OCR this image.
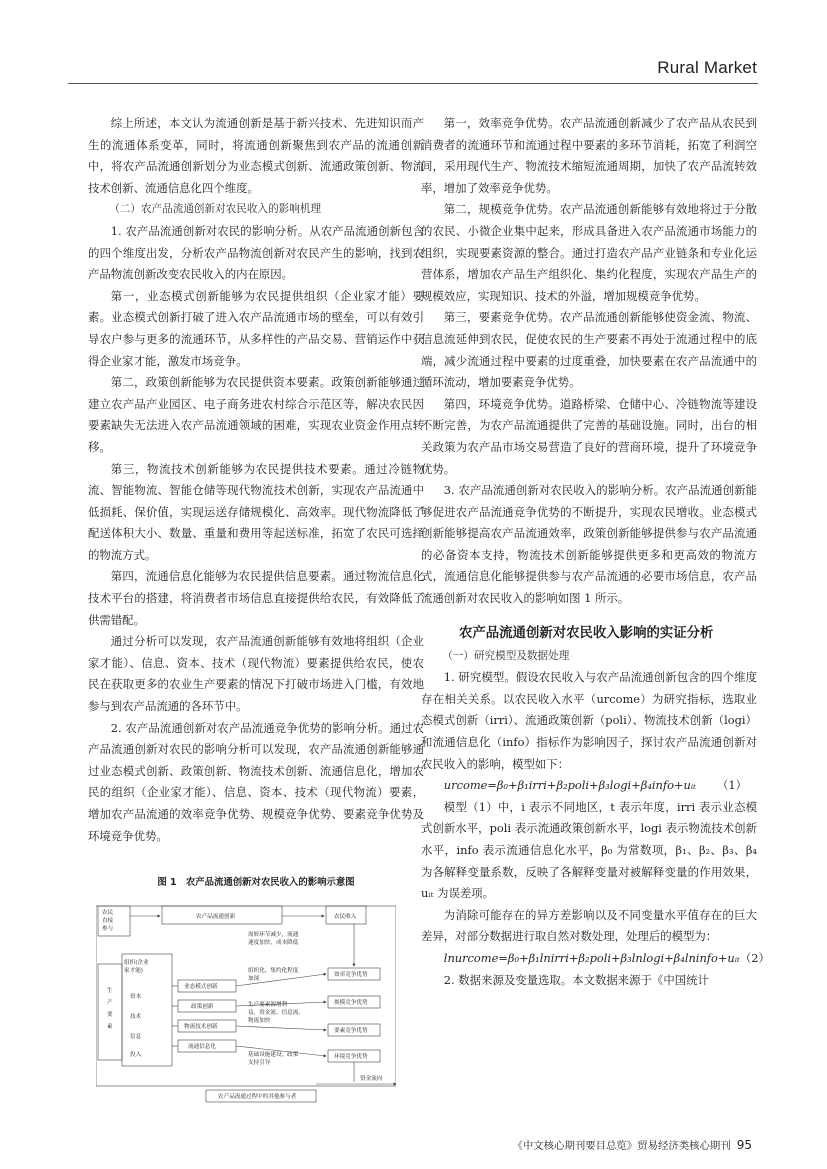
Rural Market

综上所述，本文认为流通创新是基于新兴技术、先进知识而产生的流通体系变革，同时，将流通创新聚焦到农产品的流通创新中，将农产品流通创新划分为业态模式创新、流通政策创新、物流技术创新、流通信息化四个维度。

（二）农产品流通创新对农民收入的影响机理

1. 农产品流通创新对农民的影响分析。从农产品流通创新包含的四个维度出发，分析农产品物流创新对农民产生的影响，找到农产品物流创新改变农民收入的内在原因。

第一，业态模式创新能够为农民提供组织（企业家才能）要素。业态模式创新打破了进入农产品流通市场的壁垒，可以有效引导农户参与更多的流通环节，从多样性的产品交易、营销运作中获得企业家才能，激发市场竞争。

第二，政策创新能够为农民提供资本要素。政策创新能够通过建立农产品产业园区、电子商务进农村综合示范区等，解决农民因要素缺失无法进入农产品流通领域的困难，实现农业资金作用点转移。

第三，物流技术创新能够为农民提供技术要素。通过冷链物流、智能物流、智能仓储等现代物流技术创新，实现农产品流通中低损耗、保价值，实现运送存储规模化、高效率。现代物流降低了配送体积大小、数量、重量和费用等起送标准，拓宽了农民可选择的物流方式。

第四，流通信息化能够为农民提供信息要素。通过物流信息化技术平台的搭建，将消费者市场信息直接提供给农民，有效降低了供需错配。

通过分析可以发现，农产品流通创新能够有效地将组织（企业家才能）、信息、资本、技术（现代物流）要素提供给农民，使农民在获取更多的农业生产要素的情况下打破市场进入门槛，有效地参与到农产品流通的各环节中。

2. 农产品流通创新对农产品流通竞争优势的影响分析。通过农产品流通创新对农民的影响分析可以发现，农产品流通创新能够通过业态模式创新、政策创新、物流技术创新、流通信息化，增加农民的组织（企业家才能）、信息、资本、技术（现代物流）要素，增加农产品流通的效率竞争优势、规模竞争优势、要素竞争优势及环境竞争优势。

图 1　农产品流通创新对农民收入的影响示意图
农民
直接
参与
农产品流通创新	农民收入
组织(企业
家才能)
资本
技术
信息
投入
生
产
要
素
业态模式创新
政策创新
物流技术创新
流通信息化
周转环节减少，流通
速度加快，成本降低
组织化、集约化程度
加深
生产要素源增利
益，资金流、信息流、
物流加快
基础设施建设，政策
支持引导
效率竞争优势
规模竞争优势
要素竞争优势
环境竞争优势
资金流向
农产品流通过程中的其他参与者

第一，效率竞争优势。农产品流通创新减少了农产品从农民到消费者的流通环节和流通过程中要素的多环节消耗，拓宽了利润空间，采用现代生产、物流技术缩短流通周期，加快了农产品流转效率，增加了效率竞争优势。

第二，规模竞争优势。农产品流通创新能够有效地将过于分散的农民、小微企业集中起来，形成具备进入农产品流通市场能力的组织，实现要素资源的整合。通过打造农产品产业链条和专业化运营体系，增加农产品生产组织化、集约化程度，实现农产品生产的规模效应，实现知识、技术的外溢，增加规模竞争优势。

第三，要素竞争优势。农产品流通创新能够使资金流、物流、信息流延伸到农民，促使农民的生产要素不再处于流通过程中的底端，减少流通过程中要素的过度重叠，加快要素在农产品流通中的循环流动，增加要素竞争优势。

第四，环境竞争优势。道路桥梁、仓储中心、冷链物流等建设不断完善，为农产品流通提供了完善的基础设施。同时，出台的相关政策为农产品市场交易营造了良好的营商环境，提升了环境竞争优势。

3. 农产品流通创新对农民收入的影响分析。农产品流通创新能够促进农产品流通竞争优势的不断提升，实现农民增收。业态模式创新能够提高农产品流通效率，政策创新能够提供参与农产品流通的必备资本支持，物流技术创新能够提供更多和更高效的物流方式，流通信息化能够提供参与农产品流通的必要市场信息，农产品流通创新对农民收入的影响如图 1 所示。

农产品流通创新对农民收入影响的实证分析

（一）研究模型及数据处理

1. 研究模型。假设农民收入与农产品流通创新包含的四个维度存在相关关系。以农民收入水平（urcome）为研究指标，选取业态模式创新（irri）、流通政策创新（poli）、物流技术创新（logi）和流通信息化（info）指标作为影响因子，探讨农产品流通创新对农民收入的影响，模型如下：

urcome=β₀+β₁irri+β₂poli+β₃logi+β₄info+uᵢₜ （1）

模型（1）中，i 表示不同地区，t 表示年度，irri 表示业态模式创新水平，poli 表示流通政策创新水平，logi 表示物流技术创新水平，info 表示流通信息化水平，β₀ 为常数项，β₁、β₂、β₃、β₄ 为各解释变量系数，反映了各解释变量对被解释变量的作用效果，uᵢₜ 为误差项。

为消除可能存在的异方差影响以及不同变量水平值存在的巨大差异，对部分数据进行取自然对数处理，处理后的模型为：

lnurcome=β₀+β₁lnirri+β₂poli+β₃lnlogi+β₄lninfo+uᵢₜ （2）

2. 数据来源及变量选取。本文数据来源于《中国统计

《中文核心期刊要目总览》贸易经济类核心期刊 95
